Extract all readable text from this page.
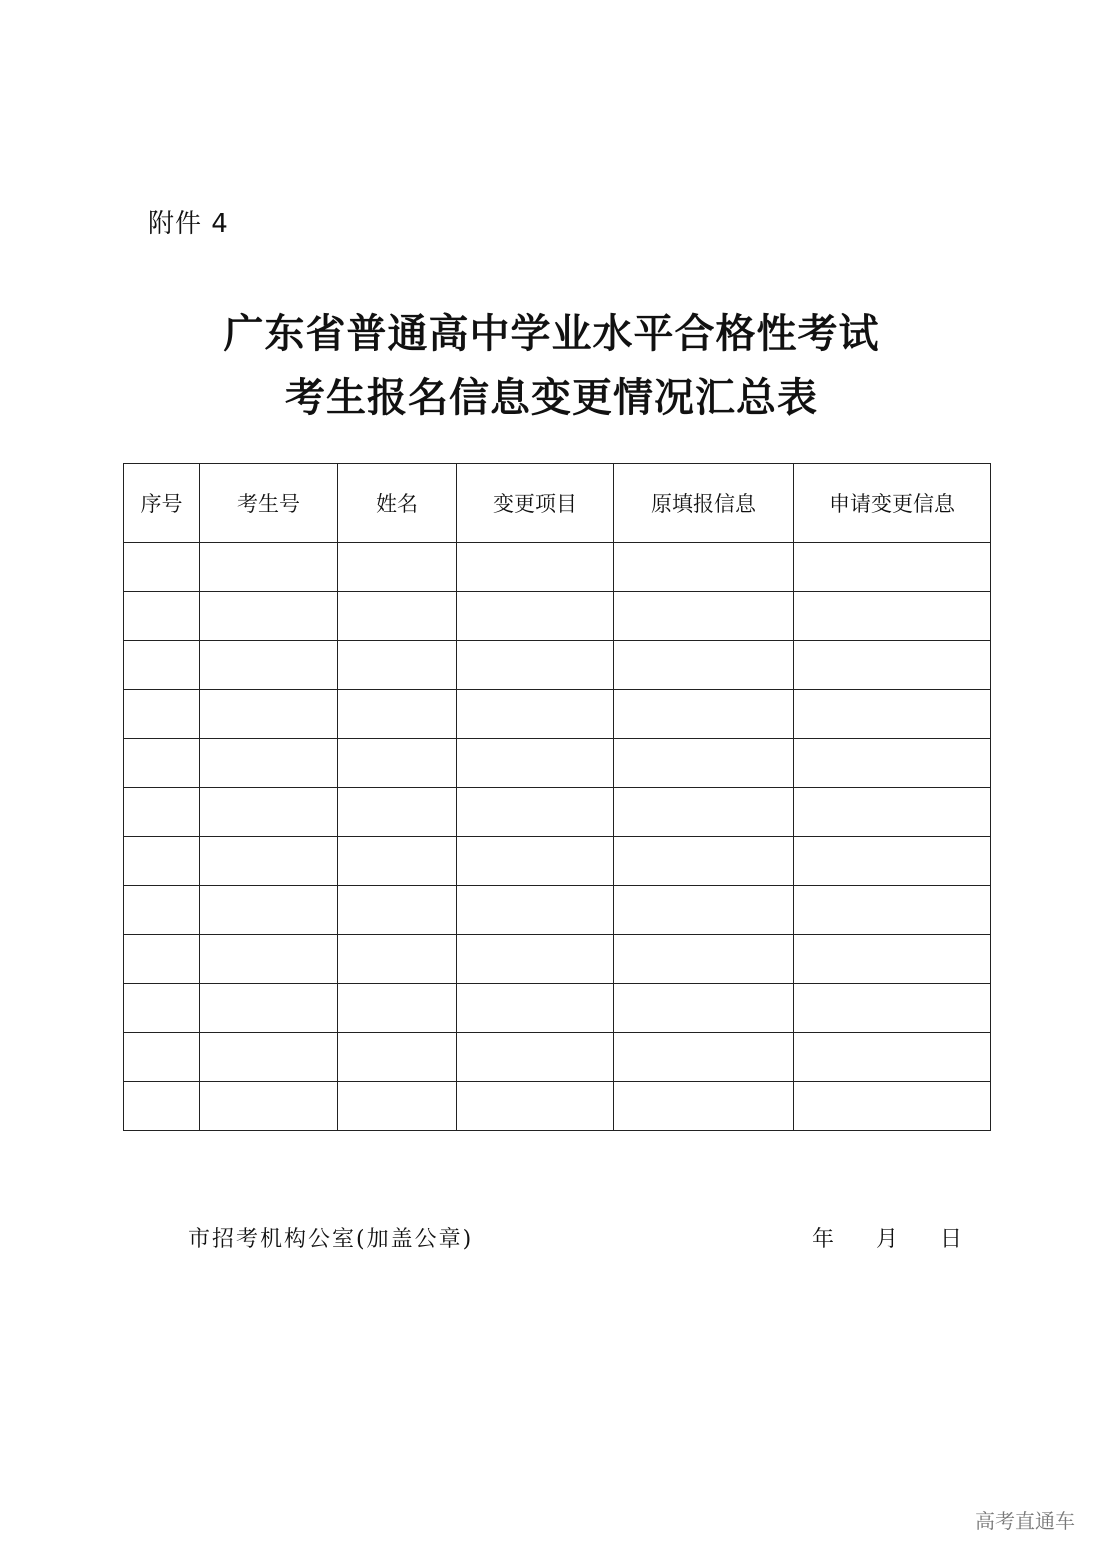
附件 4
广东省普通高中学业水平合格性考试
考生报名信息变更情况汇总表
序号	考生号	姓名	变更项目	原填报信息	申请变更信息

市招考机构公室(加盖公章)	年 月 日
高考直通车
